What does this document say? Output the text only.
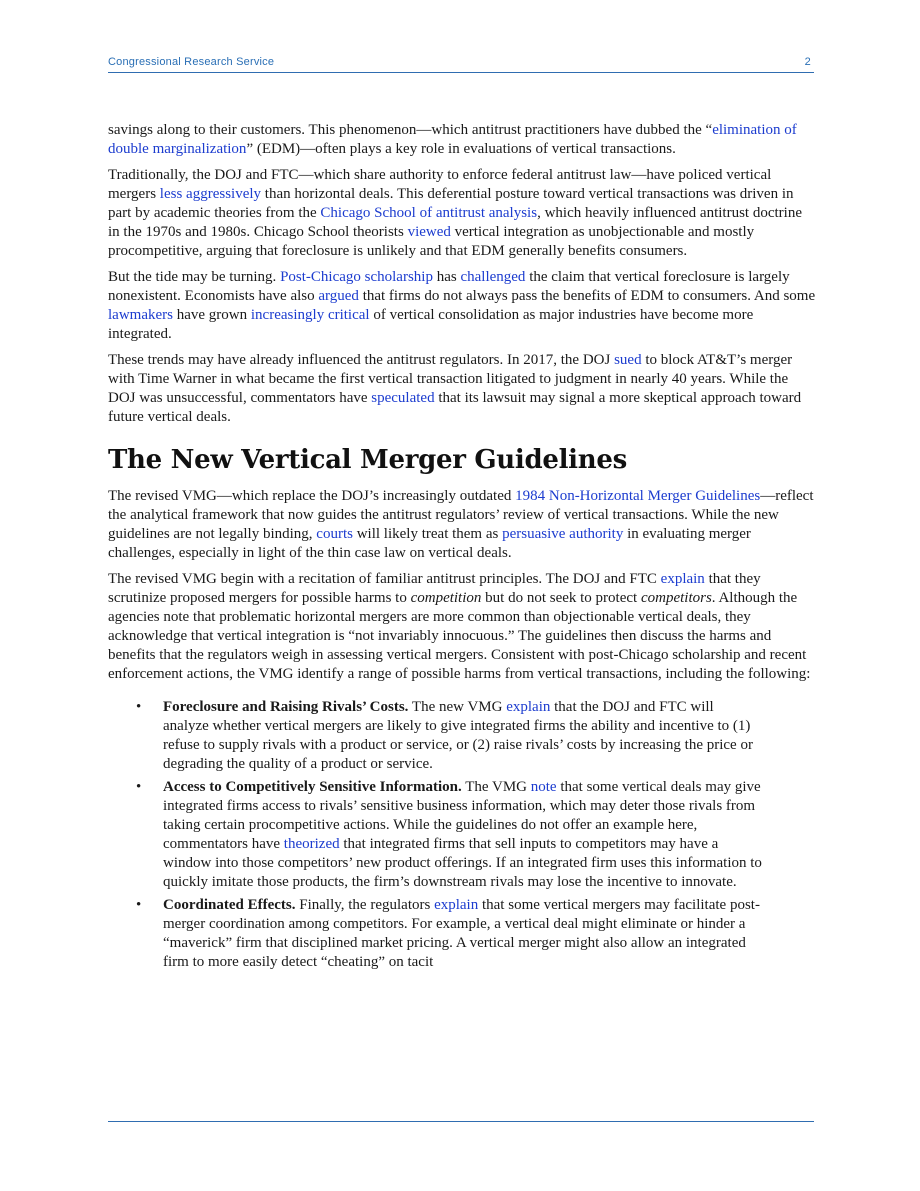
Congressional Research Service	2

savings along to their customers. This phenomenon—which antitrust practitioners have dubbed the “elimination of double marginalization” (EDM)—often plays a key role in evaluations of vertical transactions.

Traditionally, the DOJ and FTC—which share authority to enforce federal antitrust law—have policed vertical mergers less aggressively than horizontal deals. This deferential posture toward vertical transactions was driven in part by academic theories from the Chicago School of antitrust analysis, which heavily influenced antitrust doctrine in the 1970s and 1980s. Chicago School theorists viewed vertical integration as unobjectionable and mostly procompetitive, arguing that foreclosure is unlikely and that EDM generally benefits consumers.

But the tide may be turning. Post-Chicago scholarship has challenged the claim that vertical foreclosure is largely nonexistent. Economists have also argued that firms do not always pass the benefits of EDM to consumers. And some lawmakers have grown increasingly critical of vertical consolidation as major industries have become more integrated.

These trends may have already influenced the antitrust regulators. In 2017, the DOJ sued to block AT&T’s merger with Time Warner in what became the first vertical transaction litigated to judgment in nearly 40 years. While the DOJ was unsuccessful, commentators have speculated that its lawsuit may signal a more skeptical approach toward future vertical deals.

The New Vertical Merger Guidelines

The revised VMG—which replace the DOJ’s increasingly outdated 1984 Non-Horizontal Merger Guidelines—reflect the analytical framework that now guides the antitrust regulators’ review of vertical transactions. While the new guidelines are not legally binding, courts will likely treat them as persuasive authority in evaluating merger challenges, especially in light of the thin case law on vertical deals.

The revised VMG begin with a recitation of familiar antitrust principles. The DOJ and FTC explain that they scrutinize proposed mergers for possible harms to competition but do not seek to protect competitors. Although the agencies note that problematic horizontal mergers are more common than objectionable vertical deals, they acknowledge that vertical integration is “not invariably innocuous.” The guidelines then discuss the harms and benefits that the regulators weigh in assessing vertical mergers. Consistent with post-Chicago scholarship and recent enforcement actions, the VMG identify a range of possible harms from vertical transactions, including the following:

• Foreclosure and Raising Rivals’ Costs. The new VMG explain that the DOJ and FTC will analyze whether vertical mergers are likely to give integrated firms the ability and incentive to (1) refuse to supply rivals with a product or service, or (2) raise rivals’ costs by increasing the price or degrading the quality of a product or service.
• Access to Competitively Sensitive Information. The VMG note that some vertical deals may give integrated firms access to rivals’ sensitive business information, which may deter those rivals from taking certain procompetitive actions. While the guidelines do not offer an example here, commentators have theorized that integrated firms that sell inputs to competitors may have a window into those competitors’ new product offerings. If an integrated firm uses this information to quickly imitate those products, the firm’s downstream rivals may lose the incentive to innovate.
• Coordinated Effects. Finally, the regulators explain that some vertical mergers may facilitate post-merger coordination among competitors. For example, a vertical deal might eliminate or hinder a “maverick” firm that disciplined market pricing. A vertical merger might also allow an integrated firm to more easily detect “cheating” on tacit
